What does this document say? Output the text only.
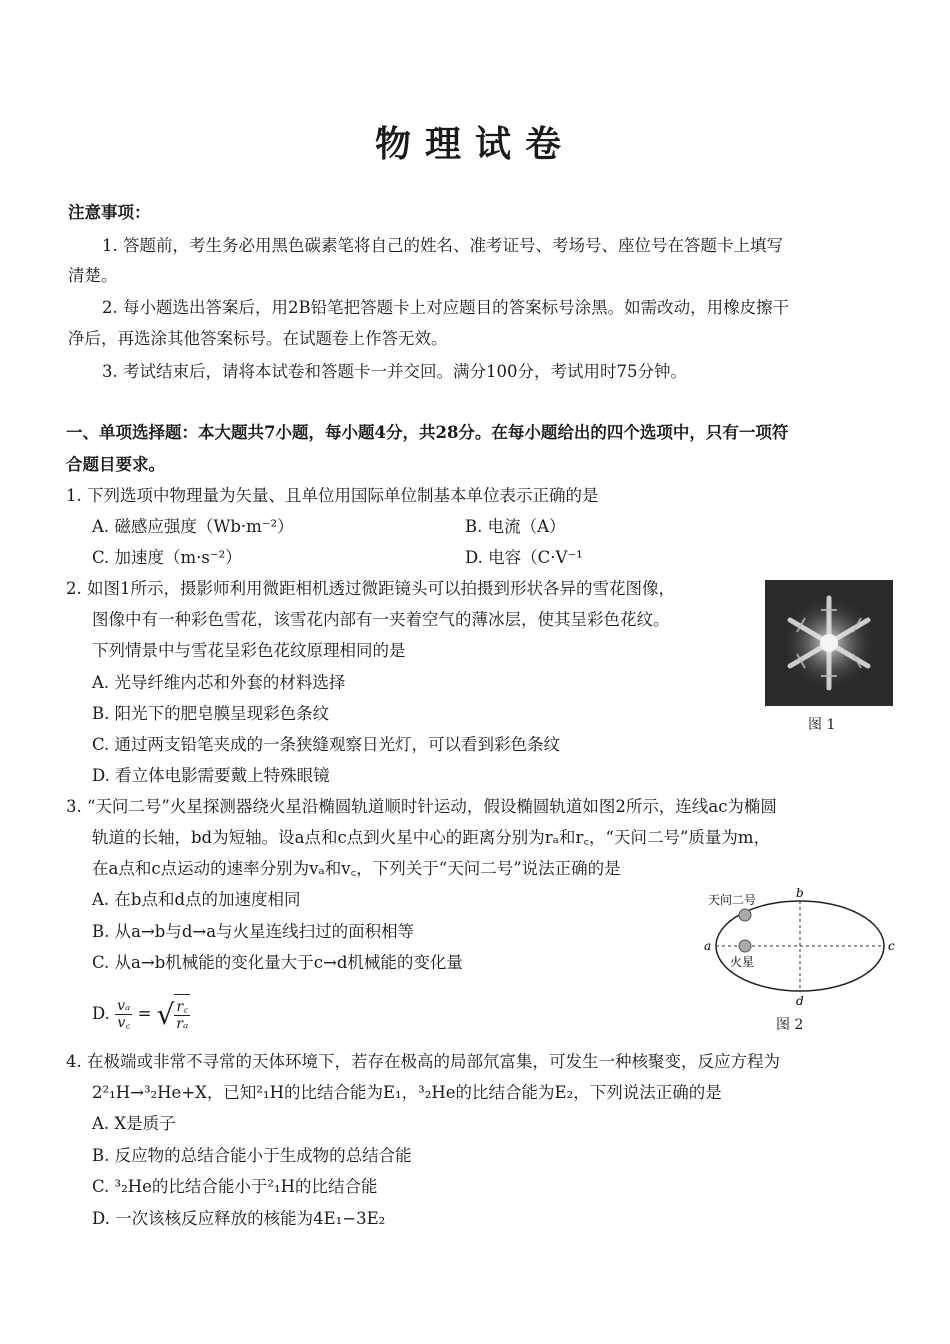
物理试卷
注意事项：
1. 答题前，考生务必用黑色碳素笔将自己的姓名、准考证号、考场号、座位号在答题卡上填写
清楚。
2. 每小题选出答案后，用2B铅笔把答题卡上对应题目的答案标号涂黑。如需改动，用橡皮擦干
净后，再选涂其他答案标号。在试题卷上作答无效。
3. 考试结束后，请将本试卷和答题卡一并交回。满分100分，考试用时75分钟。
一、单项选择题：本大题共7小题，每小题4分，共28分。在每小题给出的四个选项中，只有一项符
合题目要求。
1. 下列选项中物理量为矢量、且单位用国际单位制基本单位表示正确的是
A. 磁感应强度（Wb·m⁻²）	B. 电流（A）
C. 加速度（m·s⁻²）	D. 电容（C·V⁻¹
2. 如图1所示，摄影师利用微距相机透过微距镜头可以拍摄到形状各异的雪花图像，
图像中有一种彩色雪花，该雪花内部有一夹着空气的薄冰层，使其呈彩色花纹。
下列情景中与雪花呈彩色花纹原理相同的是
A. 光导纤维内芯和外套的材料选择
B. 阳光下的肥皂膜呈现彩色条纹
C. 通过两支铅笔夹成的一条狭缝观察日光灯，可以看到彩色条纹
D. 看立体电影需要戴上特殊眼镜
图 1
3. “天问二号”火星探测器绕火星沿椭圆轨道顺时针运动，假设椭圆轨道如图2所示，连线ac为椭圆
轨道的长轴，bd为短轴。设a点和c点到火星中心的距离分别为rₐ和r꜀，“天问二号”质量为m，
在a点和c点运动的速率分别为vₐ和v꜀，下列关于“天问二号”说法正确的是
A. 在b点和d点的加速度相同
B. 从a→b与d→a与火星连线扫过的面积相等
C. 从a→b机械能的变化量大于c→d机械能的变化量
D. $\frac{\text{vₐ}}{v꜀}$ = √ $\frac{r꜀}{\text{rₐ}}$
天问二号
火星
a
b
c
d
图 2
4. 在极端或非常不寻常的天体环境下，若存在极高的局部氘富集，可发生一种核聚变，反应方程为
2²₁H→³₂He+X，已知²₁H的比结合能为E₁，³₂He的比结合能为E₂，下列说法正确的是
A. X是质子
B. 反应物的总结合能小于生成物的总结合能
C. ³₂He的比结合能小于²₁H的比结合能
D. 一次该核反应释放的核能为4E₁−3E₂
